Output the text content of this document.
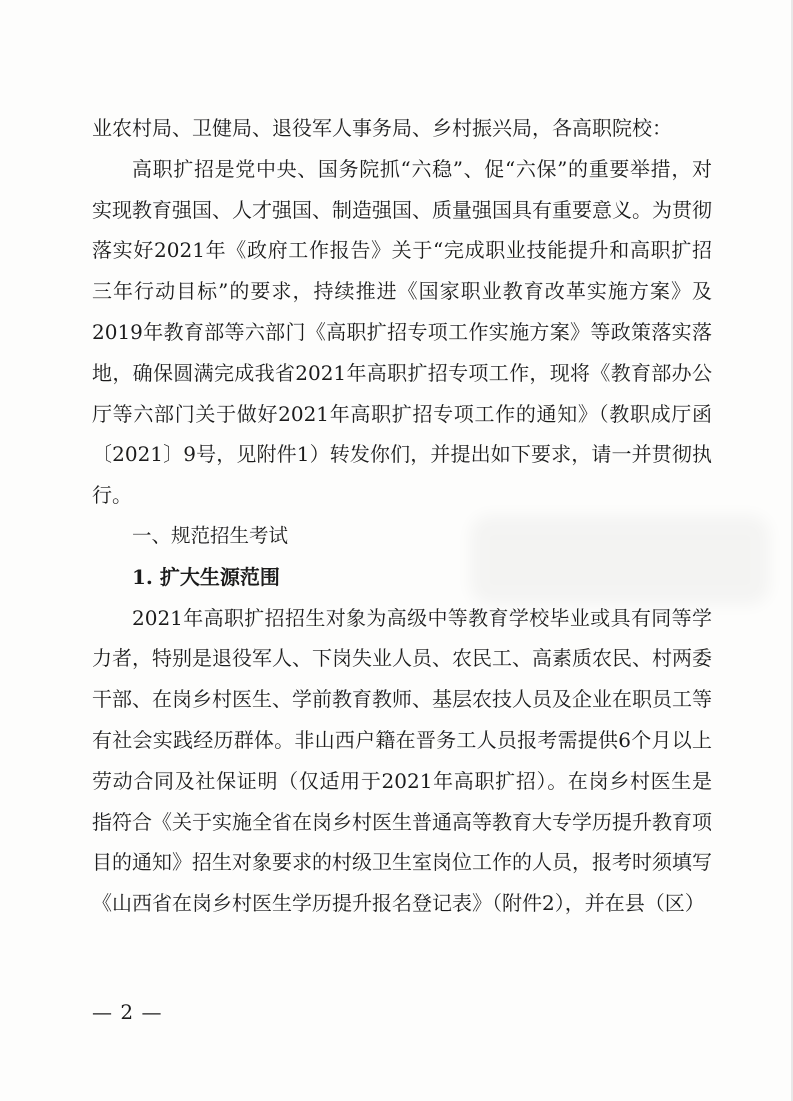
业农村局、卫健局、退役军人事务局、乡村振兴局，各高职院校：

高职扩招是党中央、国务院抓“六稳”、促“六保”的重要举措，对实现教育强国、人才强国、制造强国、质量强国具有重要意义。为贯彻落实好2021年《政府工作报告》关于“完成职业技能提升和高职扩招三年行动目标”的要求，持续推进《国家职业教育改革实施方案》及2019年教育部等六部门《高职扩招专项工作实施方案》等政策落实落地，确保圆满完成我省2021年高职扩招专项工作，现将《教育部办公厅等六部门关于做好2021年高职扩招专项工作的通知》（教职成厅函〔2021〕9号，见附件1）转发你们，并提出如下要求，请一并贯彻执行。

一、规范招生考试

1. 扩大生源范围

2021年高职扩招招生对象为高级中等教育学校毕业或具有同等学力者，特别是退役军人、下岗失业人员、农民工、高素质农民、村两委干部、在岗乡村医生、学前教育教师、基层农技人员及企业在职员工等有社会实践经历群体。非山西户籍在晋务工人员报考需提供6个月以上劳动合同及社保证明（仅适用于2021年高职扩招）。在岗乡村医生是指符合《关于实施全省在岗乡村医生普通高等教育大专学历提升教育项目的通知》招生对象要求的村级卫生室岗位工作的人员，报考时须填写《山西省在岗乡村医生学历提升报名登记表》（附件2），并在县（区）

— 2 —
